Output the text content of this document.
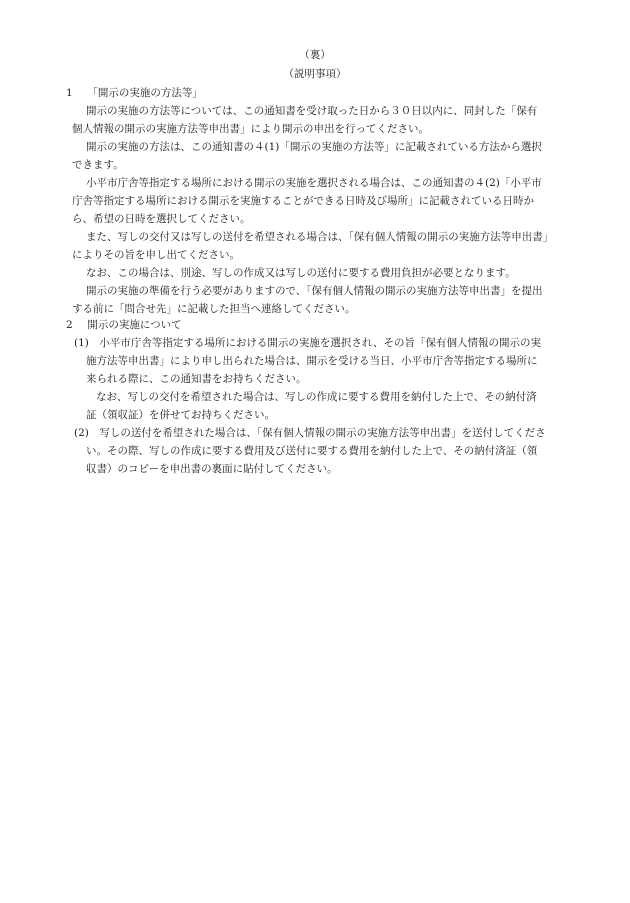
（裏）
（説明事項）
1 「開示の実施の方法等」
開示の実施の方法等については、この通知書を受け取った日から３０日以内に、同封した「保有
個人情報の開示の実施方法等申出書」により開示の申出を行ってください。
開示の実施の方法は、この通知書の４(1)「開示の実施の方法等」に記載されている方法から選択
できます。
小平市庁舎等指定する場所における開示の実施を選択される場合は、この通知書の４(2)「小平市
庁舎等指定する場所における開示を実施することができる日時及び場所」に記載されている日時か
ら、希望の日時を選択してください。
また、写しの交付又は写しの送付を希望される場合は、「保有個人情報の開示の実施方法等申出書」
によりその旨を申し出てください。
なお、この場合は、別途、写しの作成又は写しの送付に要する費用負担が必要となります。
開示の実施の準備を行う必要がありますので、「保有個人情報の開示の実施方法等申出書」を提出
する前に「問合せ先」に記載した担当へ連絡してください。
2 開示の実施について
(1)　 小平市庁舎等指定する場所における開示の実施を選択され、その旨「保有個人情報の開示の実
施方法等申出書」により申し出られた場合は、開示を受ける当日、小平市庁舎等指定する場所に
来られる際に、この通知書をお持ちください。
なお、写しの交付を希望された場合は、写しの作成に要する費用を納付した上で、その納付済
証（領収証）を併せてお持ちください。
(2)　 写しの送付を希望された場合は、「保有個人情報の開示の実施方法等申出書」を送付してくださ
い。その際、写しの作成に要する費用及び送付に要する費用を納付した上で、その納付済証（領
収書）のコピーを申出書の裏面に貼付してください。
